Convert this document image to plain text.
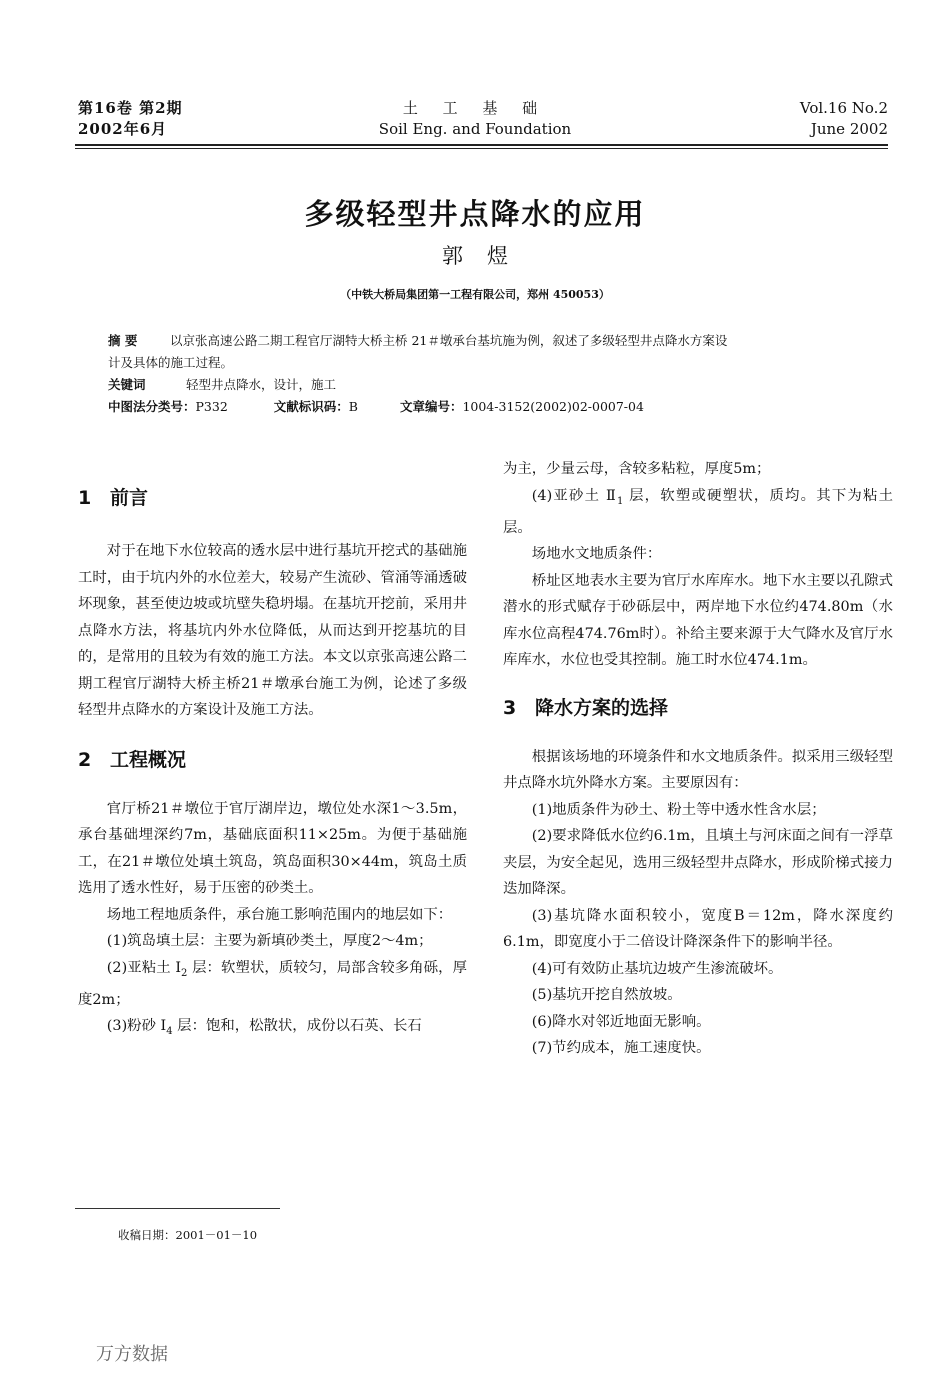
第16卷 第2期
2002年6月
土 工 基 础
Soil Eng. and Foundation
Vol.16 No.2
June 2002
多级轻型井点降水的应用
郭煜
（中铁大桥局集团第一工程有限公司，郑州 450053）
摘 要	以京张高速公路二期工程官厅湖特大桥主桥 21＃墩承台基坑施为例，叙述了多级轻型井点降水方案设
计及具体的施工过程。
关键词	轻型井点降水，设计，施工
中图法分类号：P332	文献标识码：B	文章编号：1004-3152(2002)02-0007-04
1 前言

对于在地下水位较高的透水层中进行基坑开挖式的基础施工时，由于坑内外的水位差大，较易产生流砂、管涌等涌透破坏现象，甚至使边坡或坑壁失稳坍塌。在基坑开挖前，采用井点降水方法，将基坑内外水位降低，从而达到开挖基坑的目的，是常用的且较为有效的施工方法。本文以京张高速公路二期工程官厅湖特大桥主桥21＃墩承台施工为例，论述了多级轻型井点降水的方案设计及施工方法。

2 工程概况

官厅桥21＃墩位于官厅湖岸边，墩位处水深1～3.5m，承台基础埋深约7m，基础底面积11×25m。为便于基础施工，在21＃墩位处填土筑岛，筑岛面积30×44m，筑岛土质选用了透水性好，易于压密的砂类土。

场地工程地质条件，承台施工影响范围内的地层如下：

(1)筑岛填土层：主要为新填砂类土，厚度2～4m；

(2)亚粘土 $I_2$ 层：软塑状，质较匀，局部含较多角砾，厚度2m；

(3)粉砂 $I_4$ 层：饱和，松散状，成份以石英、长石

为主，少量云母，含较多粘粒，厚度5m；

(4)亚砂土 $Ⅱ_1$ 层，软塑或硬塑状，质均。其下为粘土层。

场地水文地质条件：

桥址区地表水主要为官厅水库库水。地下水主要以孔隙式潜水的形式赋存于砂砾层中，两岸地下水位约474.80m（水库水位高程474.76m时）。补给主要来源于大气降水及官厅水库库水，水位也受其控制。施工时水位474.1m。

3 降水方案的选择

根据该场地的环境条件和水文地质条件。拟采用三级轻型井点降水坑外降水方案。主要原因有：

(1)地质条件为砂土、粉土等中透水性含水层；

(2)要求降低水位约6.1m，且填土与河床面之间有一浮草夹层，为安全起见，选用三级轻型井点降水，形成阶梯式接力迭加降深。

(3)基坑降水面积较小，宽度B＝12m，降水深度约6.1m，即宽度小于二倍设计降深条件下的影响半径。

(4)可有效防止基坑边坡产生渗流破坏。

(5)基坑开挖自然放坡。

(6)降水对邻近地面无影响。

(7)节约成本，施工速度快。

收稿日期：2001－01－10
万方数据
